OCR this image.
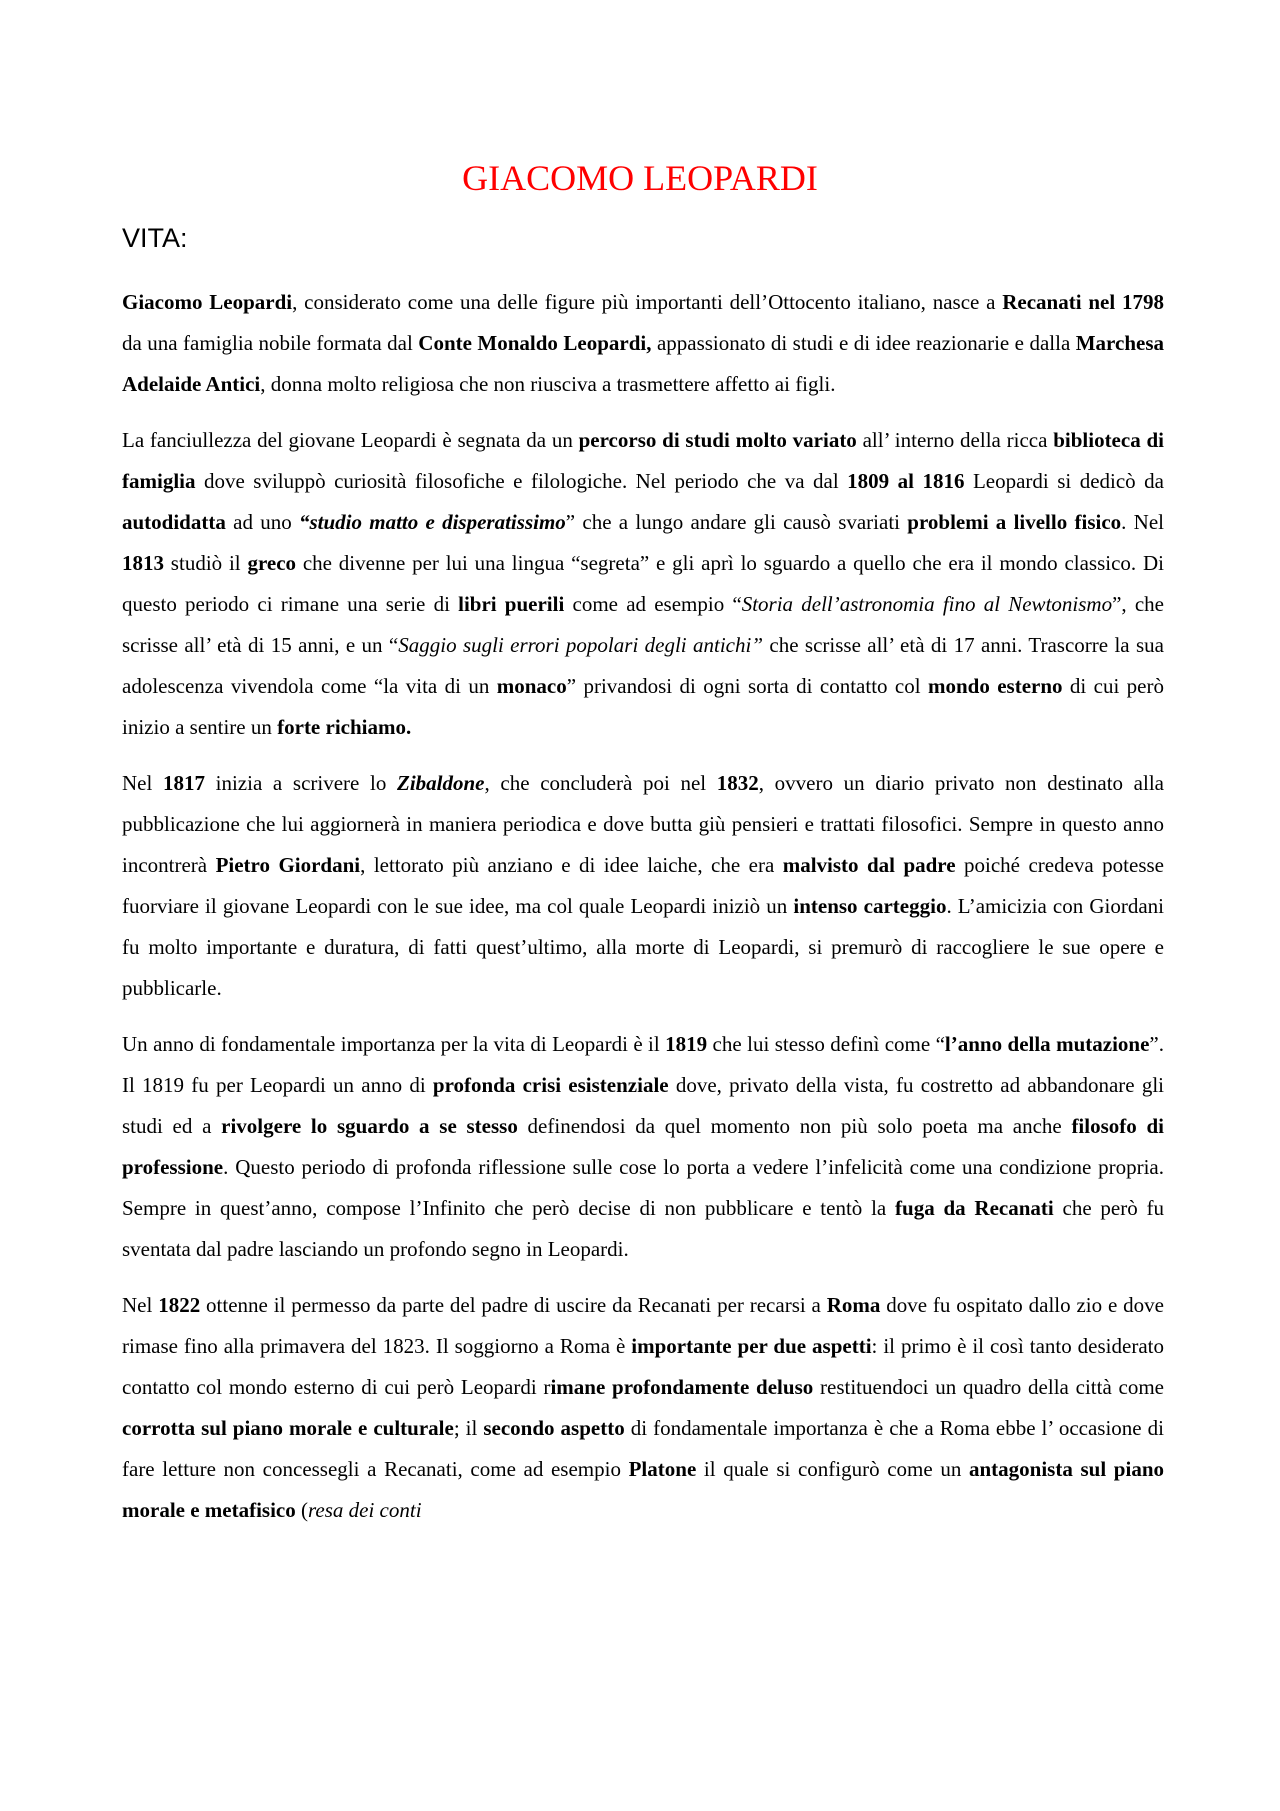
GIACOMO LEOPARDI
VITA:

Giacomo Leopardi, considerato come una delle figure più importanti dell’Ottocento italiano, nasce a Recanati nel 1798 da una famiglia nobile formata dal Conte Monaldo Leopardi, appassionato di studi e di idee reazionarie e dalla Marchesa Adelaide Antici, donna molto religiosa che non riusciva a trasmettere affetto ai figli.

La fanciullezza del giovane Leopardi è segnata da un percorso di studi molto variato all’ interno della ricca biblioteca di famiglia dove sviluppò curiosità filosofiche e filologiche. Nel periodo che va dal 1809 al 1816 Leopardi si dedicò da autodidatta ad uno “studio matto e disperatissimo” che a lungo andare gli causò svariati problemi a livello fisico. Nel 1813 studiò il greco che divenne per lui una lingua “segreta” e gli aprì lo sguardo a quello che era il mondo classico. Di questo periodo ci rimane una serie di libri puerili come ad esempio “Storia dell’astronomia fino al Newtonismo”, che scrisse all’ età di 15 anni, e un “Saggio sugli errori popolari degli antichi” che scrisse all’ età di 17 anni. Trascorre la sua adolescenza vivendola come “la vita di un monaco” privandosi di ogni sorta di contatto col mondo esterno di cui però inizio a sentire un forte richiamo.

Nel 1817 inizia a scrivere lo Zibaldone, che concluderà poi nel 1832, ovvero un diario privato non destinato alla pubblicazione che lui aggiornerà in maniera periodica e dove butta giù pensieri e trattati filosofici. Sempre in questo anno incontrerà Pietro Giordani, lettorato più anziano e di idee laiche, che era malvisto dal padre poiché credeva potesse fuorviare il giovane Leopardi con le sue idee, ma col quale Leopardi iniziò un intenso carteggio. L’amicizia con Giordani fu molto importante e duratura, di fatti quest’ultimo, alla morte di Leopardi, si premurò di raccogliere le sue opere e pubblicarle.

Un anno di fondamentale importanza per la vita di Leopardi è il 1819 che lui stesso definì come “l’anno della mutazione”. Il 1819 fu per Leopardi un anno di profonda crisi esistenziale dove, privato della vista, fu costretto ad abbandonare gli studi ed a rivolgere lo sguardo a se stesso definendosi da quel momento non più solo poeta ma anche filosofo di professione. Questo periodo di profonda riflessione sulle cose lo porta a vedere l’infelicità come una condizione propria. Sempre in quest’anno, compose l’Infinito che però decise di non pubblicare e tentò la fuga da Recanati che però fu sventata dal padre lasciando un profondo segno in Leopardi.

Nel 1822 ottenne il permesso da parte del padre di uscire da Recanati per recarsi a Roma dove fu ospitato dallo zio e dove rimase fino alla primavera del 1823. Il soggiorno a Roma è importante per due aspetti: il primo è il così tanto desiderato contatto col mondo esterno di cui però Leopardi rimane profondamente deluso restituendoci un quadro della città come corrotta sul piano morale e culturale; il secondo aspetto di fondamentale importanza è che a Roma ebbe l’ occasione di fare letture non concessegli a Recanati, come ad esempio Platone il quale si configurò come un antagonista sul piano morale e metafisico (resa dei conti
